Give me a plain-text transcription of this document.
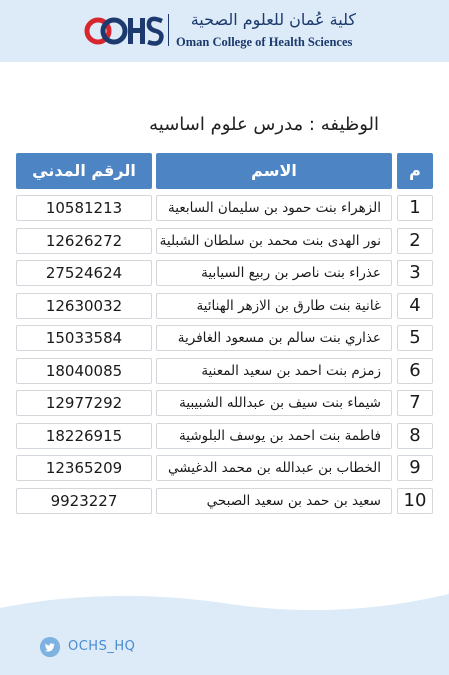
كلية عُمان للعلوم الصحية
Oman College of Health Sciences
الوظيفه : مدرس علوم اساسيه
م
الاسم
الرقم المدني
1
الزهراء بنت حمود بن سليمان السابعية
10581213
2
نور الهدى بنت محمد بن سلطان الشبلية
12626272
3
عذراء بنت ناصر بن ربيع السيابية
27524624
4
غانية بنت طارق بن الازهر الهنائية
12630032
5
عذاري بنت سالم بن مسعود الغافرية
15033584
6
زمزم بنت احمد بن سعيد المعنية
18040085
7
شيماء بنت سيف بن عبدالله الشبيبية
12977292
8
فاطمة بنت احمد بن يوسف البلوشية
18226915
9
الخطاب بن عبدالله بن محمد الدغيشي
12365209
10
سعيد بن حمد بن سعيد الصبحي
9923227
OCHS_HQ
